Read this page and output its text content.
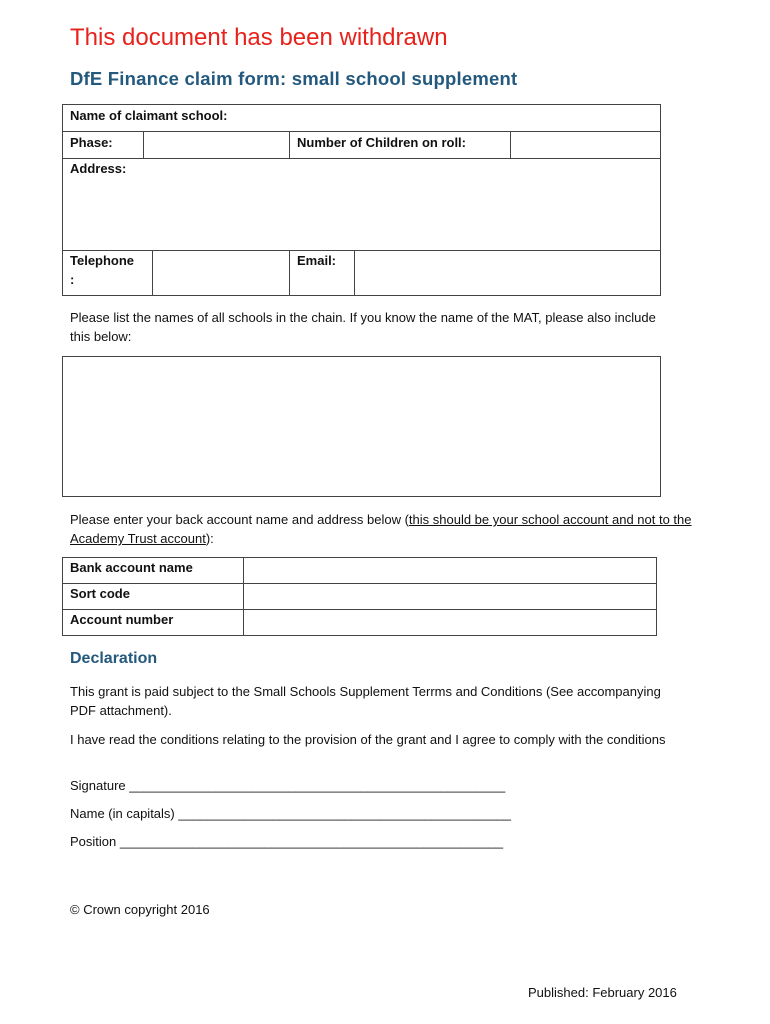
This document has been withdrawn
DfE Finance claim form: small school supplement
Name of claimant school:
Phase:	Number of Children on roll:
Address:
Telephone
:
Email:
Please list the names of all schools in the chain. If you know the name of the MAT, please also include this below:
Please enter your back account name and address below (this should be your school account and not to the Academy Trust account):
Bank account name
Sort code
Account number
Declaration
This grant is paid subject to the Small Schools Supplement Terrms and Conditions (See accompanying PDF attachment).
I have read the conditions relating to the provision of the grant and I agree to comply with the conditions
Signature ____________________________________________________
Name (in capitals) ______________________________________________
Position _____________________________________________________
© Crown copyright 2016
Published: February 2016
